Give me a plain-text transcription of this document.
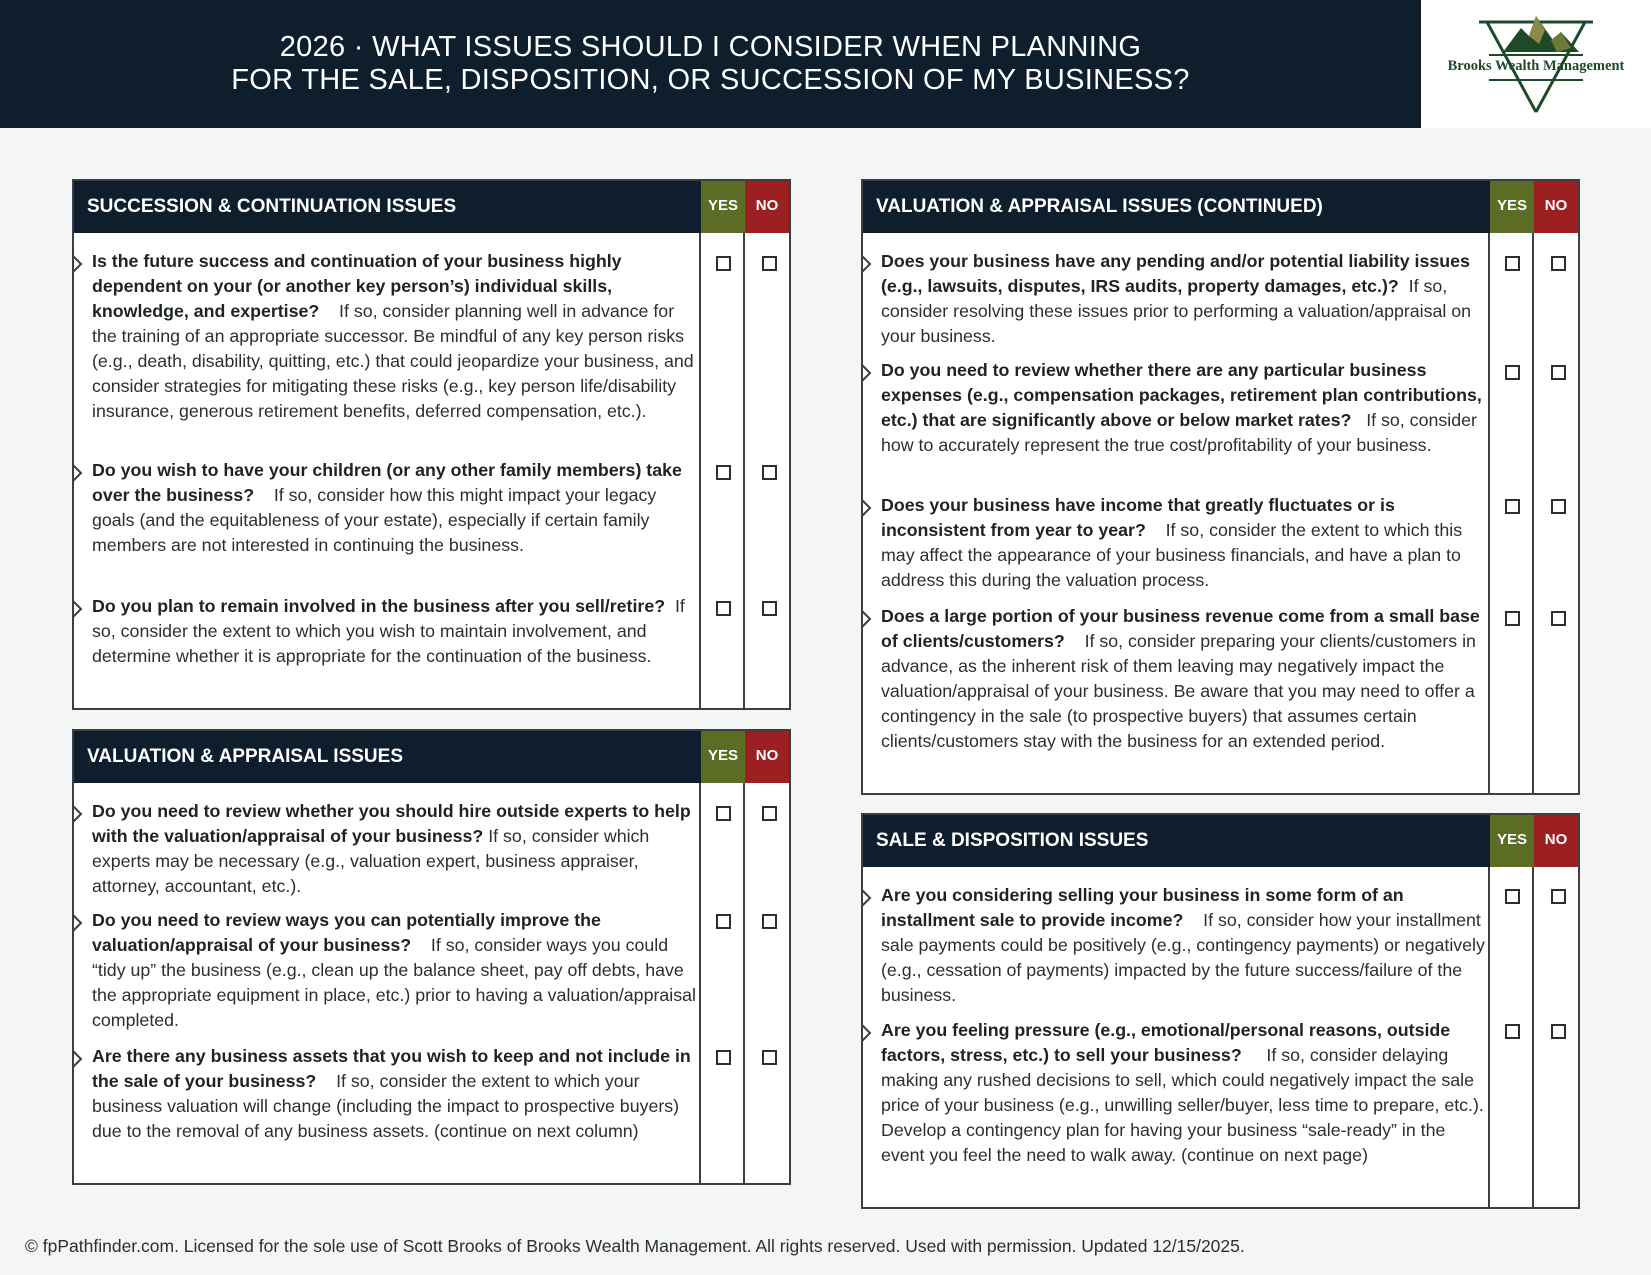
2026 · WHAT ISSUES SHOULD I CONSIDER WHEN PLANNING
FOR THE SALE, DISPOSITION, OR SUCCESSION OF MY BUSINESS?	Brooks Wealth Management
SUCCESSION & CONTINUATION ISSUES	YES	NO
Is the future success and continuation of your business highly dependent on your (or another key person’s) individual skills, knowledge, and expertise? If so, consider planning well in advance for the training of an appropriate successor. Be mindful of any key person risks (e.g., death, disability, quitting, etc.) that could jeopardize your business, and consider strategies for mitigating these risks (e.g., key person life/disability insurance, generous retirement benefits, deferred compensation, etc.).
Do you wish to have your children (or any other family members) take over the business? If so, consider how this might impact your legacy goals (and the equitableness of your estate), especially if certain family members are not interested in continuing the business.
Do you plan to remain involved in the business after you sell/retire? If so, consider the extent to which you wish to maintain involvement, and determine whether it is appropriate for the continuation of the business.
VALUATION & APPRAISAL ISSUES	YES	NO
Do you need to review whether you should hire outside experts to help with the valuation/appraisal of your business? If so, consider which experts may be necessary (e.g., valuation expert, business appraiser, attorney, accountant, etc.).
Do you need to review ways you can potentially improve the valuation/appraisal of your business? If so, consider ways you could “tidy up” the business (e.g., clean up the balance sheet, pay off debts, have the appropriate equipment in place, etc.) prior to having a valuation/appraisal completed.
Are there any business assets that you wish to keep and not include in the sale of your business? If so, consider the extent to which your business valuation will change (including the impact to prospective buyers) due to the removal of any business assets. (continue on next column)
VALUATION & APPRAISAL ISSUES (CONTINUED)	YES	NO
Does your business have any pending and/or potential liability issues (e.g., lawsuits, disputes, IRS audits, property damages, etc.)? If so, consider resolving these issues prior to performing a valuation/appraisal on your business.
Do you need to review whether there are any particular business expenses (e.g., compensation packages, retirement plan contributions, etc.) that are significantly above or below market rates? If so, consider how to accurately represent the true cost/profitability of your business.
Does your business have income that greatly fluctuates or is inconsistent from year to year? If so, consider the extent to which this may affect the appearance of your business financials, and have a plan to address this during the valuation process.
Does a large portion of your business revenue come from a small base of clients/customers? If so, consider preparing your clients/customers in advance, as the inherent risk of them leaving may negatively impact the valuation/appraisal of your business. Be aware that you may need to offer a contingency in the sale (to prospective buyers) that assumes certain clients/customers stay with the business for an extended period.
SALE & DISPOSITION ISSUES	YES	NO
Are you considering selling your business in some form of an installment sale to provide income? If so, consider how your installment sale payments could be positively (e.g., contingency payments) or negatively (e.g., cessation of payments) impacted by the future success/failure of the business.
Are you feeling pressure (e.g., emotional/personal reasons, outside factors, stress, etc.) to sell your business? If so, consider delaying making any rushed decisions to sell, which could negatively impact the sale price of your business (e.g., unwilling seller/buyer, less time to prepare, etc.). Develop a contingency plan for having your business “sale-ready” in the event you feel the need to walk away. (continue on next page)
© fpPathfinder.com. Licensed for the sole use of Scott Brooks of Brooks Wealth Management. All rights reserved. Used with permission. Updated 12/15/2025.
